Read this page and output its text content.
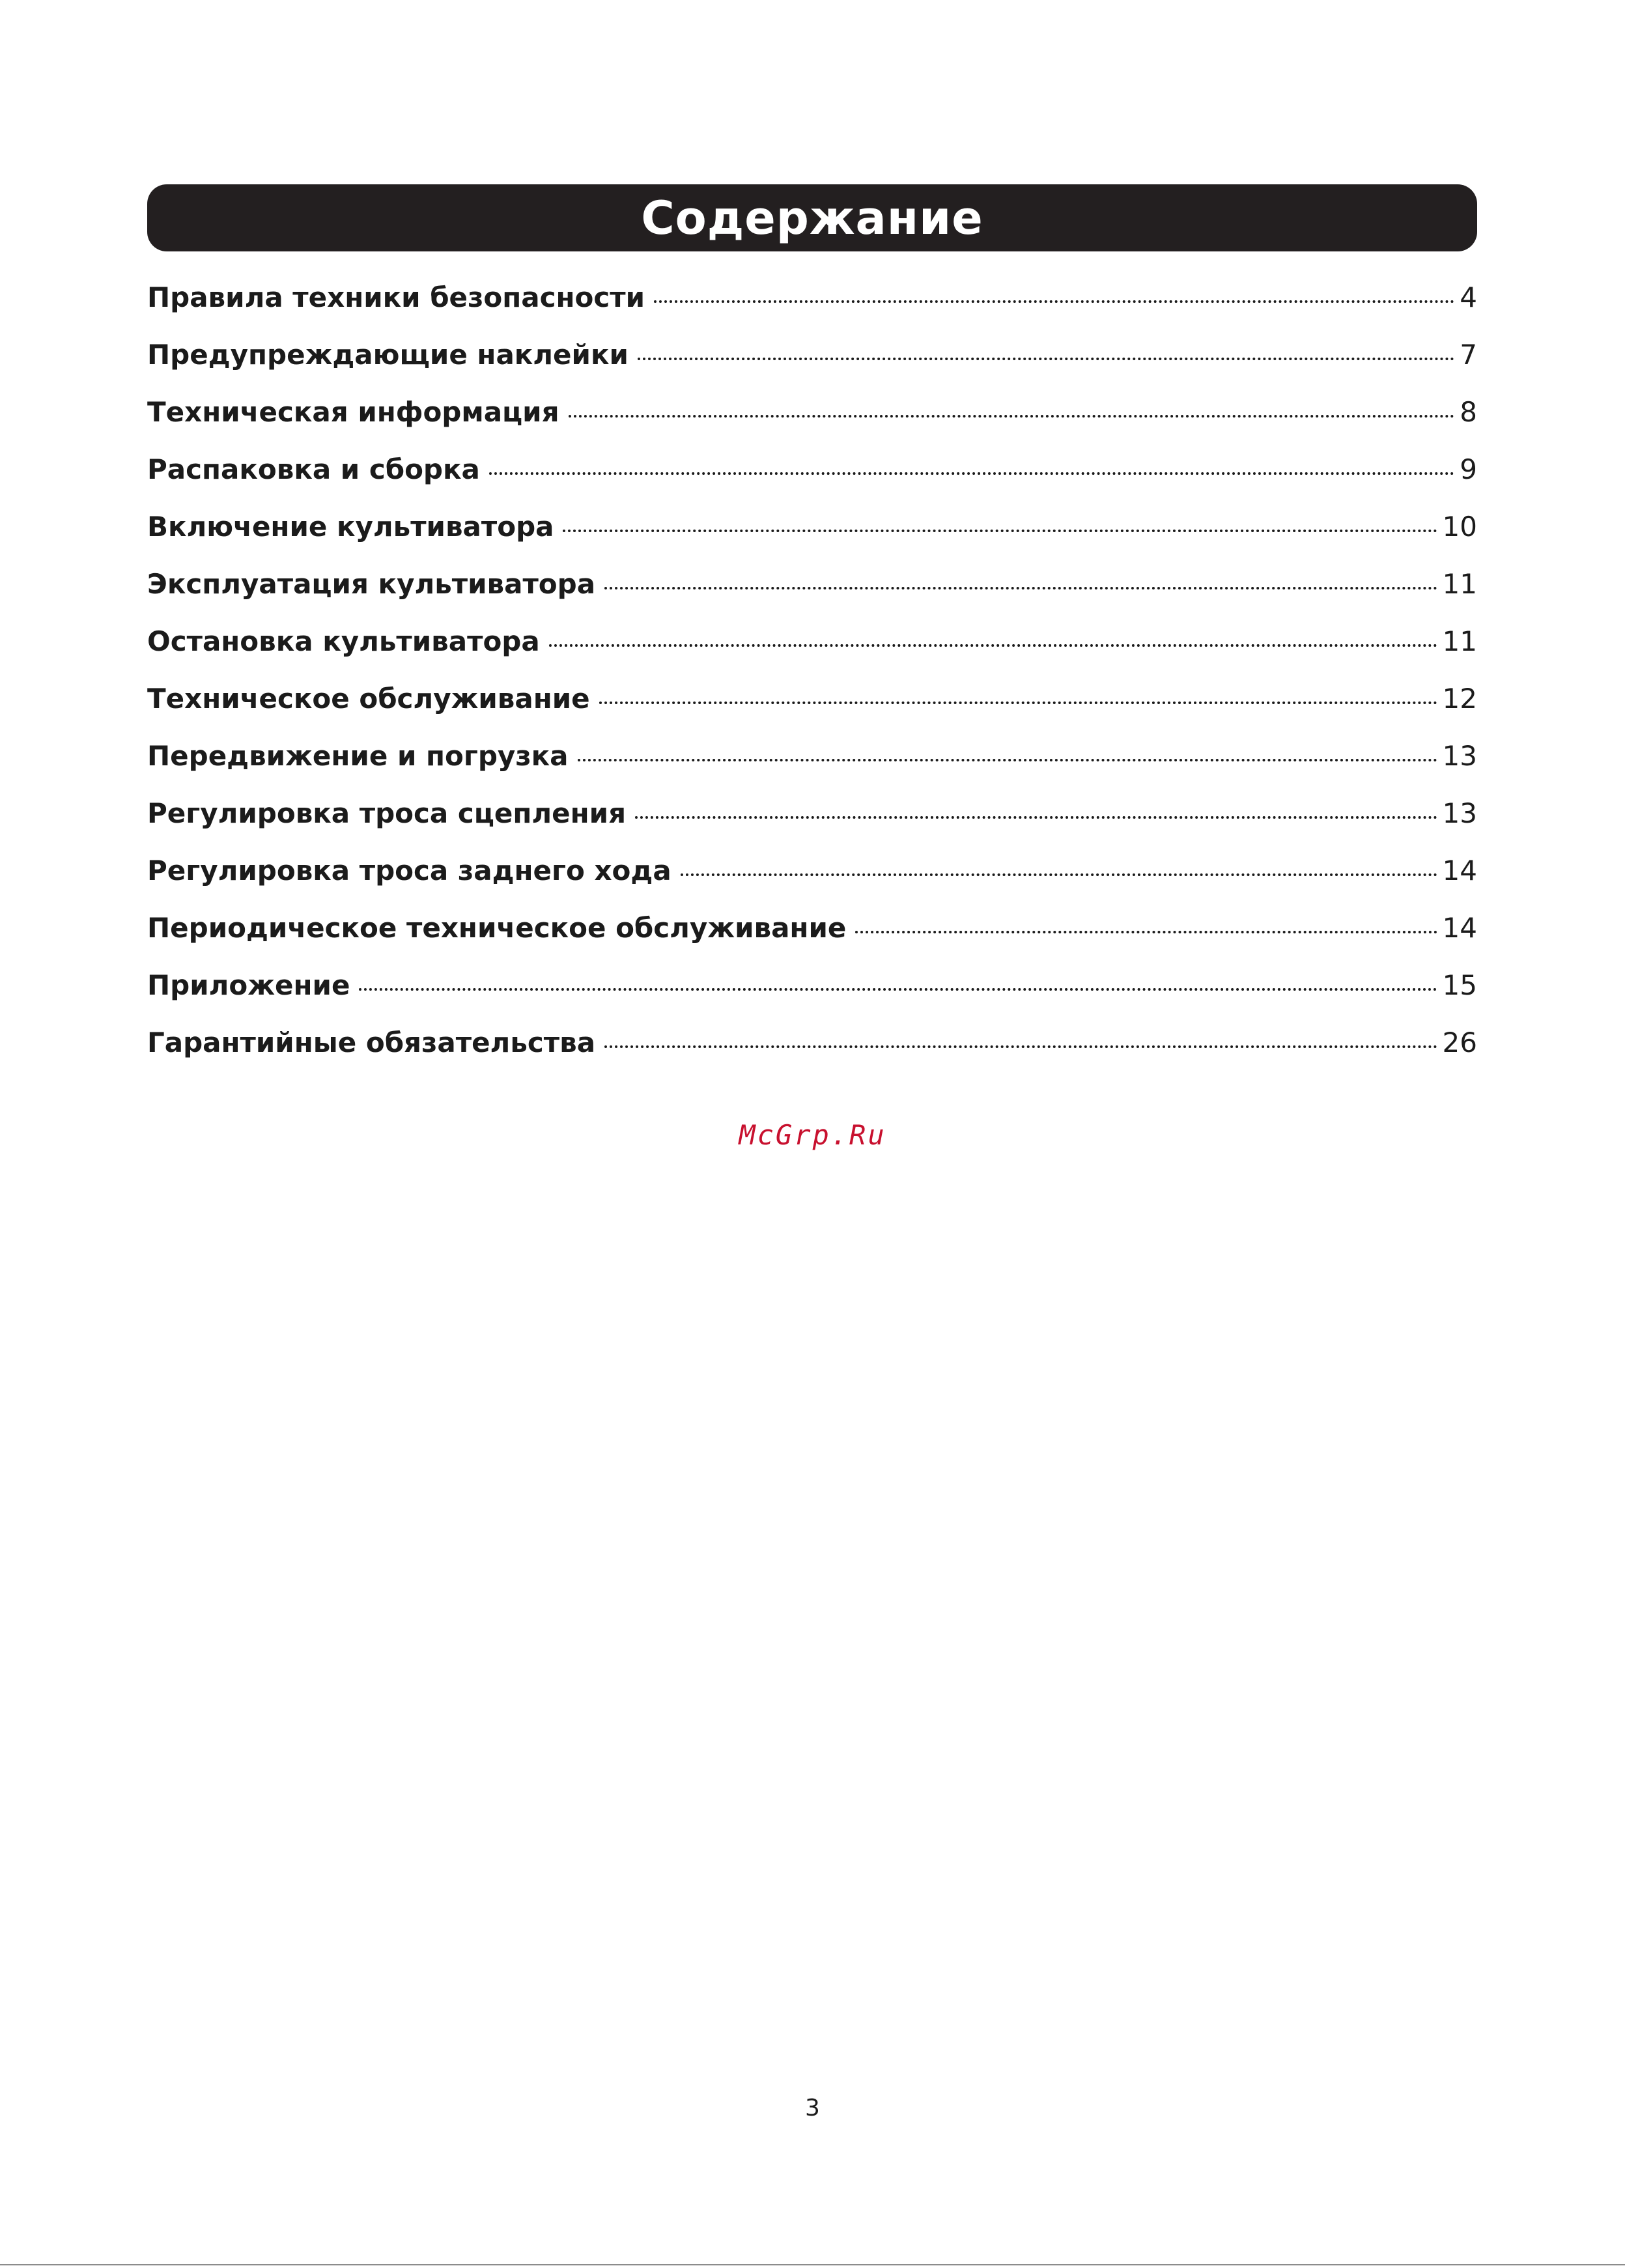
Содержание
Правила техники безопасности	4
Предупреждающие наклейки	7
Техническая информация	8
Распаковка и сборка	9
Включение культиватора	10
Эксплуатация культиватора	11
Остановка культиватора	11
Техническое обслуживание	12
Передвижение и погрузка	13
Регулировка троса сцепления	13
Регулировка троса заднего хода	14
Периодическое техническое обслуживание	14
Приложение	15
Гарантийные обязательства	26
McGrp.Ru
3
